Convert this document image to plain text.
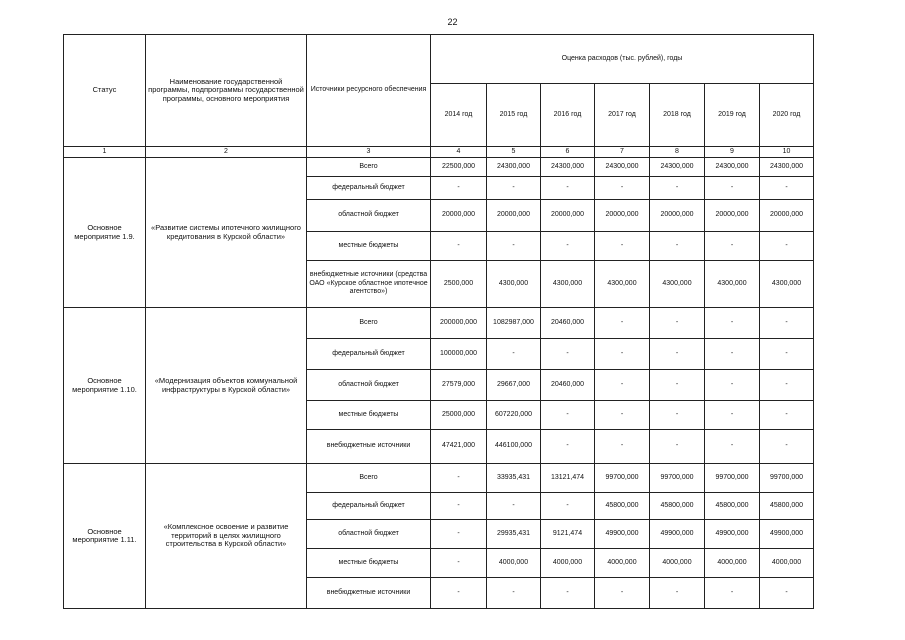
22
Статус	Наименование государственной программы, подпрограммы государственной программы, основного мероприятия	Источники ресурсного обеспечения	Оценка расходов (тыс. рублей), годы						
			2014 год	2015 год	2016 год	2017 год	2018 год	2019 год	2020 год
1	2	3	4	5	6	7	8	9	10
Основное мероприятие 1.9.	«Развитие системы ипотечного жилищного кредитования в Курской области»	Всего	22500,000	24300,000	24300,000	24300,000	24300,000	24300,000	24300,000
		федеральный бюджет	-	-	-	-	-	-	-
		областной бюджет	20000,000	20000,000	20000,000	20000,000	20000,000	20000,000	20000,000
		местные бюджеты	-	-	-	-	-	-	-
		внебюджетные источники (средства ОАО «Курское областное ипотечное агентство»)	2500,000	4300,000	4300,000	4300,000	4300,000	4300,000	4300,000
Основное мероприятие 1.10.	«Модернизация объектов коммунальной инфраструктуры в Курской области»	Всего	200000,000	1082987,000	20460,000	-	-	-	-
		федеральный бюджет	100000,000	-	-	-	-	-	-
		областной бюджет	27579,000	29667,000	20460,000	-	-	-	-
		местные бюджеты	25000,000	607220,000	-	-	-	-	-
		внебюджетные источники	47421,000	446100,000	-	-	-	-	-
Основное мероприятие 1.11.	«Комплексное освоение и развитие территорий в целях жилищного строительства в Курской области»	Всего	-	33935,431	13121,474	99700,000	99700,000	99700,000	99700,000
		федеральный бюджет	-	-	-	45800,000	45800,000	45800,000	45800,000
		областной бюджет	-	29935,431	9121,474	49900,000	49900,000	49900,000	49900,000
		местные бюджеты	-	4000,000	4000,000	4000,000	4000,000	4000,000	4000,000
		внебюджетные источники	-	-	-	-	-	-	-
